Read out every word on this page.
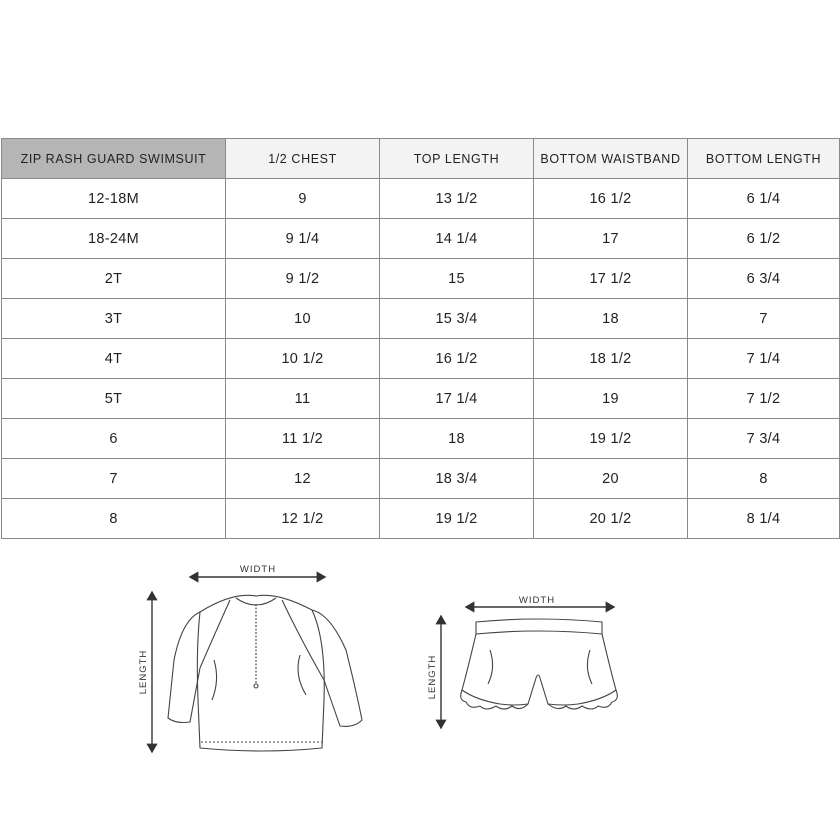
ZIP RASH GUARD SWIMSUIT	1/2 CHEST	TOP LENGTH	BOTTOM WAISTBAND	BOTTOM LENGTH
12-18M	9	13 1/2	16 1/2	6 1/4
18-24M	9 1/4	14 1/4	17	6 1/2
2T	9 1/2	15	17 1/2	6 3/4
3T	10	15 3/4	18	7
4T	10 1/2	16 1/2	18 1/2	7 1/4
5T	11	17 1/4	19	7 1/2
6	11 1/2	18	19 1/2	7 3/4
7	12	18 3/4	20	8
8	12 1/2	19 1/2	20 1/2	8 1/4
WIDTH
LENGTH
WIDTH
LENGTH
